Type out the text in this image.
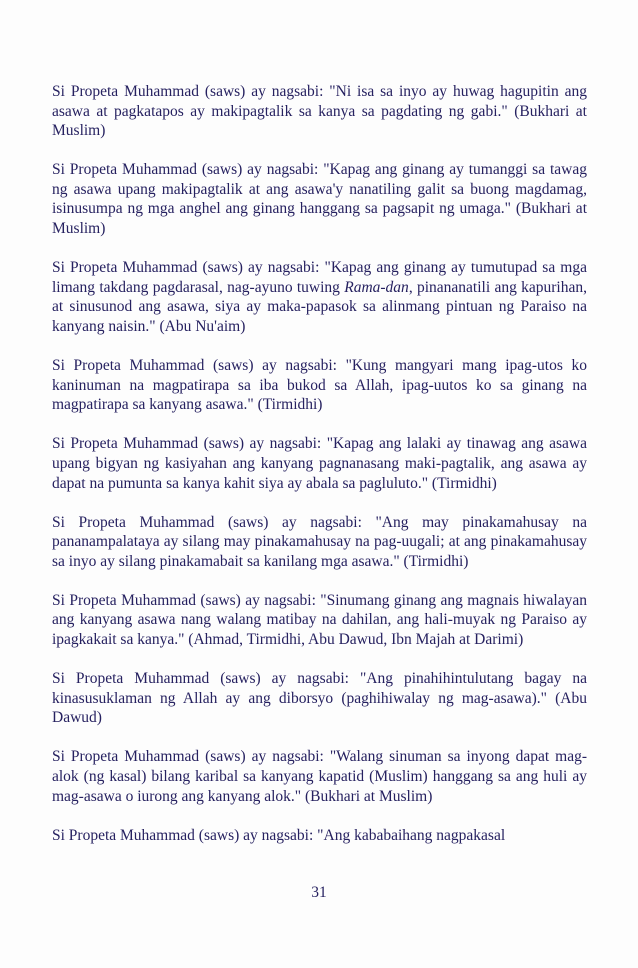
Si Propeta Muhammad (saws) ay nagsabi: "Ni isa sa inyo ay huwag hagupitin ang asawa at pagkatapos ay makipagtalik sa kanya sa pagdating ng gabi." (Bukhari at Muslim)

Si Propeta Muhammad (saws) ay nagsabi: "Kapag ang ginang ay tumanggi sa tawag ng asawa upang makipagtalik at ang asawa'y nanatiling galit sa buong magdamag, isinusumpa ng mga anghel ang ginang hanggang sa pagsapit ng umaga." (Bukhari at Muslim)

Si Propeta Muhammad (saws) ay nagsabi: "Kapag ang ginang ay tumutupad sa mga limang takdang pagdarasal, nag-ayuno tuwing Rama-dan, pinananatili ang kapurihan, at sinusunod ang asawa, siya ay maka-papasok sa alinmang pintuan ng Paraiso na kanyang naisin." (Abu Nu'aim)

Si Propeta Muhammad (saws) ay nagsabi: "Kung mangyari mang ipag-utos ko kaninuman na magpatirapa sa iba bukod sa Allah, ipag-uutos ko sa ginang na magpatirapa sa kanyang asawa." (Tirmidhi)

Si Propeta Muhammad (saws) ay nagsabi: "Kapag ang lalaki ay tinawag ang asawa upang bigyan ng kasiyahan ang kanyang pagnanasang maki-pagtalik, ang asawa ay dapat na pumunta sa kanya kahit siya ay abala sa pagluluto." (Tirmidhi)

Si Propeta Muhammad (saws) ay nagsabi: "Ang may pinakamahusay na pananampalataya ay silang may pinakamahusay na pag-uugali; at ang pinakamahusay sa inyo ay silang pinakamabait sa kanilang mga asawa." (Tirmidhi)

Si Propeta Muhammad (saws) ay nagsabi: "Sinumang ginang ang magnais hiwalayan ang kanyang asawa nang walang matibay na dahilan, ang hali-muyak ng Paraiso ay ipagkakait sa kanya." (Ahmad, Tirmidhi, Abu Dawud, Ibn Majah at Darimi)

Si Propeta Muhammad (saws) ay nagsabi: "Ang pinahihintulutang bagay na kinasusuklaman ng Allah ay ang diborsyo (paghihiwalay ng mag-asawa)." (Abu Dawud)

Si Propeta Muhammad (saws) ay nagsabi: "Walang sinuman sa inyong dapat mag-alok (ng kasal) bilang karibal sa kanyang kapatid (Muslim) hanggang sa ang huli ay mag-asawa o iurong ang kanyang alok." (Bukhari at Muslim)

Si Propeta Muhammad (saws) ay nagsabi: "Ang kababaihang nagpakasal

31
